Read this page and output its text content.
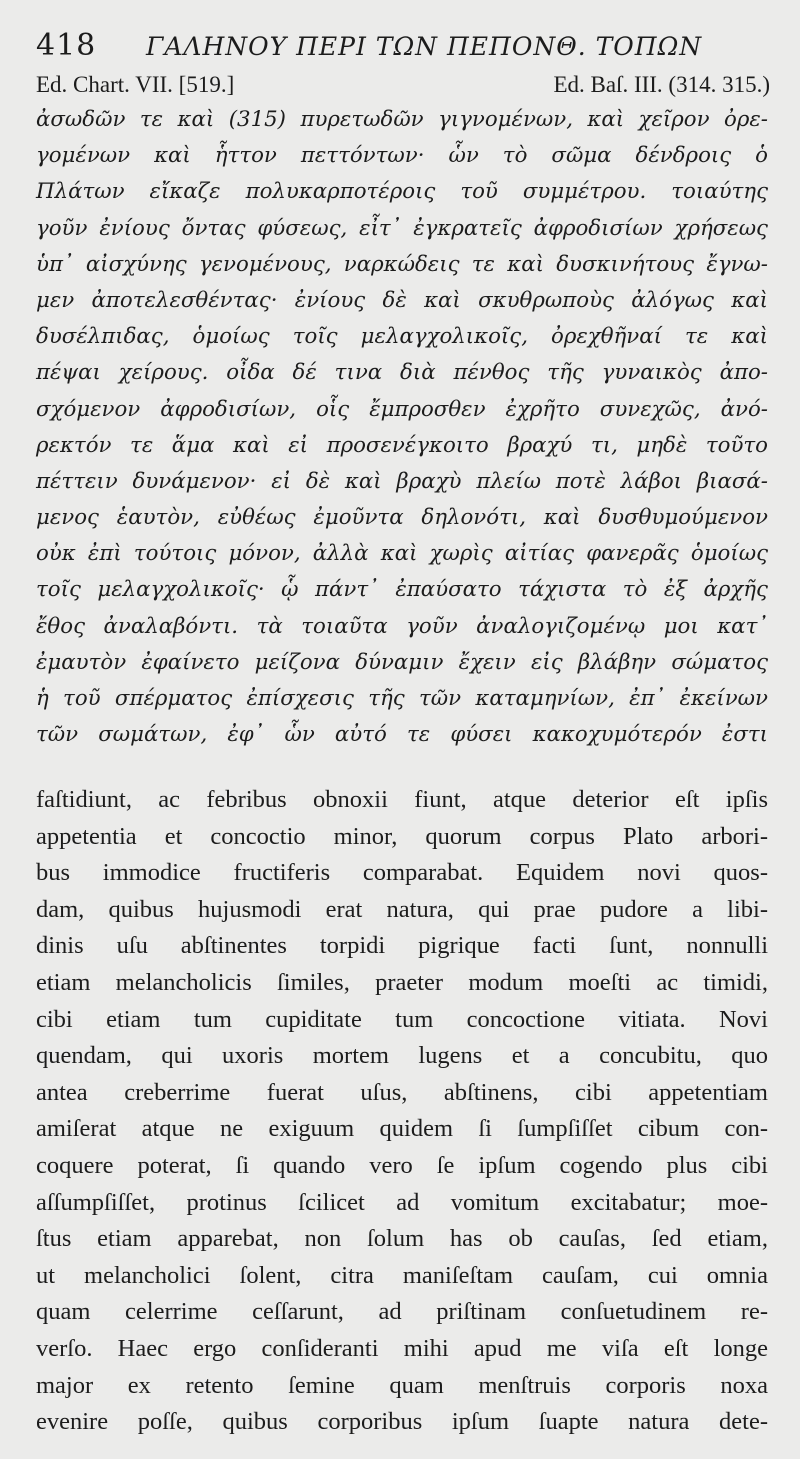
418 ΓΑΛΗΝΟΥ ΠΕΡΙ ΤΩΝ ΠΕΠΟΝΘ. ΤΟΠΩΝ
Ed. Chart. VII. [519.]	Ed. Baſ. III. (314. 315.)
ἀσωδῶν τε καὶ (315) πυρετωδῶν γιγνομένων, καὶ χεῖρον ὀρε-
γομένων καὶ ἧττον πεττόντων· ὧν τὸ σῶμα δένδροις ὁ
Πλάτων εἴκαζε πολυκαρποτέροις τοῦ συμμέτρου. τοιαύτης
γοῦν ἐνίους ὄντας φύσεως, εἶτ᾽ ἐγκρατεῖς ἀφροδισίων χρήσεως
ὑπ᾽ αἰσχύνης γενομένους, ναρκώδεις τε καὶ δυσκινήτους ἔγνω-
μεν ἀποτελεσθέντας· ἐνίους δὲ καὶ σκυθρωποὺς ἀλόγως καὶ
δυσέλπιδας, ὁμοίως τοῖς μελαγχολικοῖς, ὀρεχθῆναί τε καὶ
πέψαι χείρους. οἶδα δέ τινα διὰ πένθος τῆς γυναικὸς ἀπο-
σχόμενον ἀφροδισίων, οἷς ἔμπροσθεν ἐχρῆτο συνεχῶς, ἀνό-
ρεκτόν τε ἅμα καὶ εἰ προσενέγκοιτο βραχύ τι, μηδὲ τοῦτο
πέττειν δυνάμενον· εἰ δὲ καὶ βραχὺ πλείω ποτὲ λάβοι βιασά-
μενος ἑαυτὸν, εὐθέως ἐμοῦντα δηλονότι, καὶ δυσθυμούμενον
οὐκ ἐπὶ τούτοις μόνον, ἀλλὰ καὶ χωρὶς αἰτίας φανερᾶς ὁμοίως
τοῖς μελαγχολικοῖς· ᾧ πάντ᾽ ἐπαύσατο τάχιστα τὸ ἐξ ἀρχῆς
ἔθος ἀναλαβόντι. τὰ τοιαῦτα γοῦν ἀναλογιζομένῳ μοι κατ᾽
ἐμαυτὸν ἐφαίνετο μείζονα δύναμιν ἔχειν εἰς βλάβην σώματος
ἡ τοῦ σπέρματος ἐπίσχεσις τῆς τῶν καταμηνίων, ἐπ᾽ ἐκείνων
τῶν σωμάτων, ἐφ᾽ ὧν αὐτό τε φύσει κακοχυμότερόν ἐστι
faſtidiunt, ac febribus obnoxii fiunt, atque deterior eſt ipſis
appetentia et concoctio minor, quorum corpus Plato arbori-
bus immodice fructiferis comparabat. Equidem novi quos-
dam, quibus hujusmodi erat natura, qui prae pudore a libi-
dinis uſu abſtinentes torpidi pigrique facti ſunt, nonnulli
etiam melancholicis ſimiles, praeter modum moeſti ac timidi,
cibi etiam tum cupiditate tum concoctione vitiata. Novi
quendam, qui uxoris mortem lugens et a concubitu, quo
antea creberrime fuerat uſus, abſtinens, cibi appetentiam
amiſerat atque ne exiguum quidem ſi ſumpſiſſet cibum con-
coquere poterat, ſi quando vero ſe ipſum cogendo plus cibi
aſſumpſiſſet, protinus ſcilicet ad vomitum excitabatur; moe-
ſtus etiam apparebat, non ſolum has ob cauſas, ſed etiam,
ut melancholici ſolent, citra maniſeſtam cauſam, cui omnia
quam celerrime ceſſarunt, ad priſtinam conſuetudinem re-
verſo. Haec ergo conſideranti mihi apud me viſa eſt longe
major ex retento ſemine quam menſtruis corporis noxa
evenire poſſe, quibus corporibus ipſum ſuapte natura dete-
